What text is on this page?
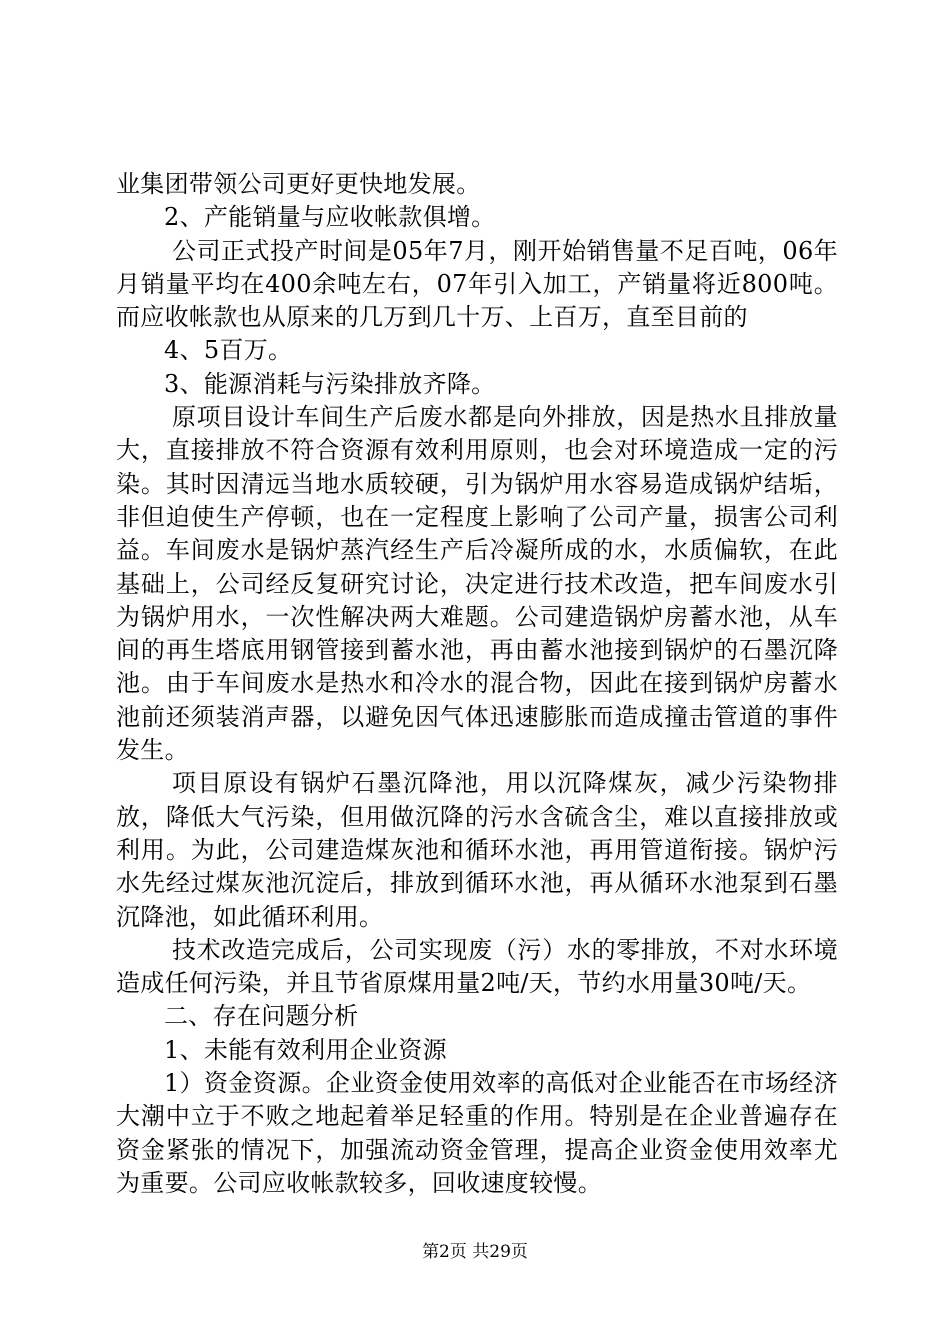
业集团带领公司更好更快地发展。

2、产能销量与应收帐款俱增。

公司正式投产时间是05年7月，刚开始销售量不足百吨，06年月销量平均在400余吨左右，07年引入加工，产销量将近800吨。而应收帐款也从原来的几万到几十万、上百万，直至目前的

4、5百万。

3、能源消耗与污染排放齐降。

原项目设计车间生产后废水都是向外排放，因是热水且排放量大，直接排放不符合资源有效利用原则，也会对环境造成一定的污染。其时因清远当地水质较硬，引为锅炉用水容易造成锅炉结垢，非但迫使生产停顿，也在一定程度上影响了公司产量，损害公司利益。车间废水是锅炉蒸汽经生产后冷凝所成的水，水质偏软，在此基础上，公司经反复研究讨论，决定进行技术改造，把车间废水引为锅炉用水，一次性解决两大难题。公司建造锅炉房蓄水池，从车间的再生塔底用钢管接到蓄水池，再由蓄水池接到锅炉的石墨沉降池。由于车间废水是热水和冷水的混合物，因此在接到锅炉房蓄水池前还须装消声器，以避免因气体迅速膨胀而造成撞击管道的事件发生。

项目原设有锅炉石墨沉降池，用以沉降煤灰，减少污染物排放，降低大气污染，但用做沉降的污水含硫含尘，难以直接排放或利用。为此，公司建造煤灰池和循环水池，再用管道衔接。锅炉污水先经过煤灰池沉淀后，排放到循环水池，再从循环水池泵到石墨沉降池，如此循环利用。

技术改造完成后，公司实现废（污）水的零排放，不对水环境造成任何污染，并且节省原煤用量2吨/天，节约水用量30吨/天。

二、存在问题分析

1、未能有效利用企业资源

1）资金资源。企业资金使用效率的高低对企业能否在市场经济大潮中立于不败之地起着举足轻重的作用。特别是在企业普遍存在资金紧张的情况下，加强流动资金管理，提高企业资金使用效率尤为重要。公司应收帐款较多，回收速度较慢。

第2页 共29页
